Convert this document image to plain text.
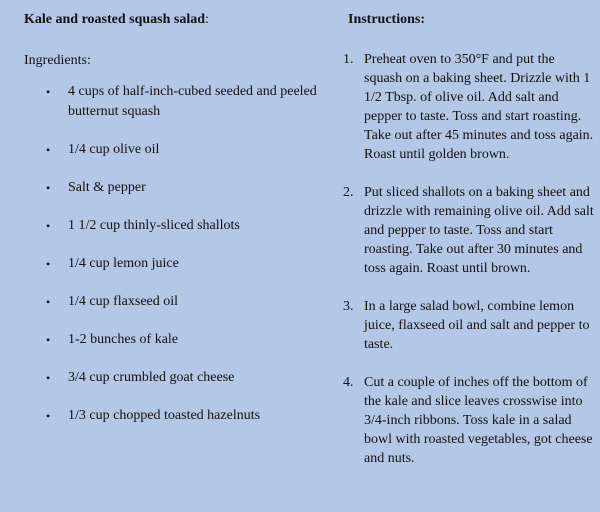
Kale and roasted squash salad:

Ingredients:

• 4 cups of half-inch-cubed seeded and peeled butternut squash
• 1/4 cup olive oil
• Salt & pepper
• 1 1/2 cup thinly-sliced shallots
• 1/4 cup lemon juice
• 1/4 cup flaxseed oil
• 1-2 bunches of kale
• 3/4 cup crumbled goat cheese
• 1/3 cup chopped toasted hazelnuts

Instructions:

1. Preheat oven to 350°F and put the squash on a baking sheet. Drizzle with 1 1/2 Tbsp. of olive oil. Add salt and pepper to taste. Toss and start roasting. Take out after 45 minutes and toss again. Roast until golden brown.
2. Put sliced shallots on a baking sheet and drizzle with remaining olive oil. Add salt and pepper to taste. Toss and start roasting. Take out after 30 minutes and toss again. Roast until brown.
3. In a large salad bowl, combine lemon juice, flaxseed oil and salt and pepper to taste.
4. Cut a couple of inches off the bottom of the kale and slice leaves crosswise into 3/4-inch ribbons. Toss kale in a salad bowl with roasted vegetables, got cheese and nuts.
